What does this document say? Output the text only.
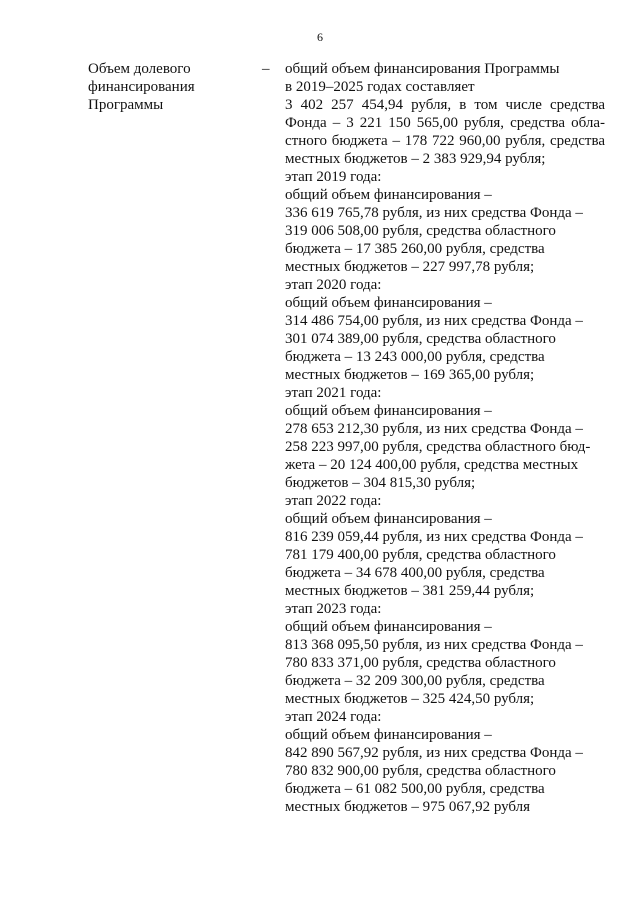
6
Объем долевого
финансирования
Программы
– общий объем финансирования Программы
в 2019–2025 годах составляет
3 402 257 454,94 рубля, в том числе средства
Фонда – 3 221 150 565,00 рубля, средства обла-
стного бюджета – 178 722 960,00 рубля, средства
местных бюджетов – 2 383 929,94 рубля;
этап 2019 года:
общий объем финансирования –
336 619 765,78 рубля, из них средства Фонда –
319 006 508,00 рубля, средства областного
бюджета – 17 385 260,00 рубля, средства
местных бюджетов – 227 997,78 рубля;
этап 2020 года:
общий объем финансирования –
314 486 754,00 рубля, из них средства Фонда –
301 074 389,00 рубля, средства областного
бюджета – 13 243 000,00 рубля, средства
местных бюджетов – 169 365,00 рубля;
этап 2021 года:
общий объем финансирования –
278 653 212,30 рубля, из них средства Фонда –
258 223 997,00 рубля, средства областного бюд-
жета – 20 124 400,00 рубля, средства местных
бюджетов – 304 815,30 рубля;
этап 2022 года:
общий объем финансирования –
816 239 059,44 рубля, из них средства Фонда –
781 179 400,00 рубля, средства областного
бюджета – 34 678 400,00 рубля, средства
местных бюджетов – 381 259,44 рубля;
этап 2023 года:
общий объем финансирования –
813 368 095,50 рубля, из них средства Фонда –
780 833 371,00 рубля, средства областного
бюджета – 32 209 300,00 рубля, средства
местных бюджетов – 325 424,50 рубля;
этап 2024 года:
общий объем финансирования –
842 890 567,92 рубля, из них средства Фонда –
780 832 900,00 рубля, средства областного
бюджета – 61 082 500,00 рубля, средства
местных бюджетов – 975 067,92 рубля
